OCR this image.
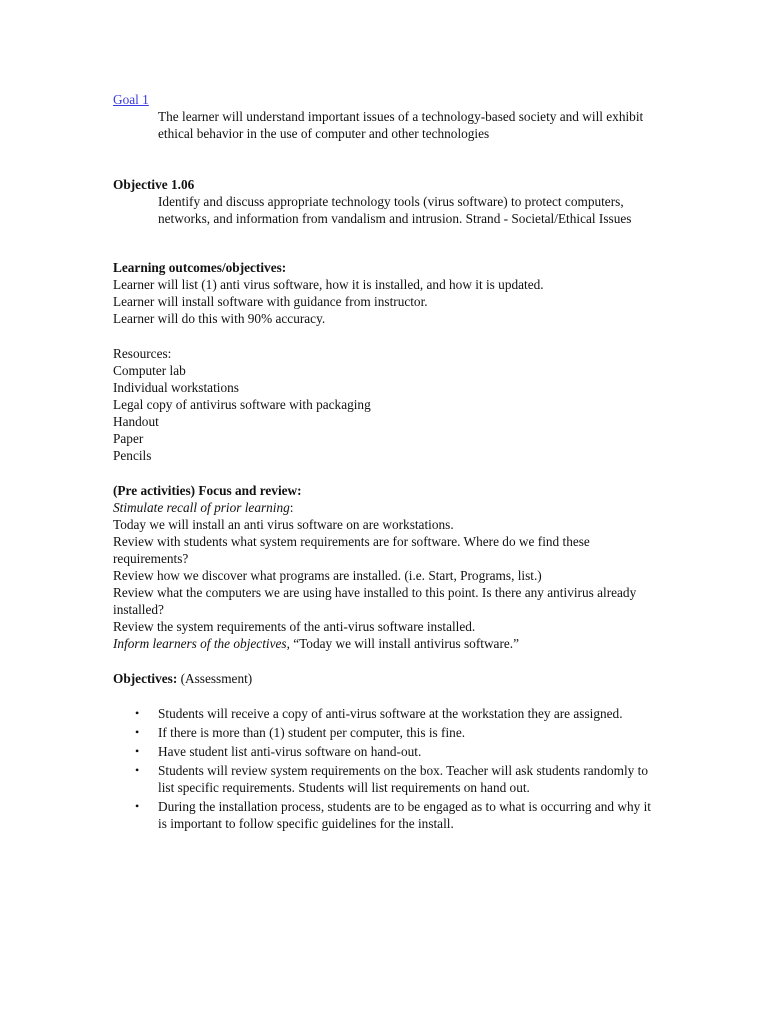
Goal 1

The learner will understand important issues of a technology-based society and will exhibit ethical behavior in the use of computer and other technologies

Objective 1.06

Identify and discuss appropriate technology tools (virus software) to protect computers, networks, and information from vandalism and intrusion. Strand - Societal/Ethical Issues

Learning outcomes/objectives:

Learner will list (1) anti virus software, how it is installed, and how it is updated.

Learner will install software with guidance from instructor.

Learner will do this with 90% accuracy.

Resources:

Computer lab

Individual workstations

Legal copy of antivirus software with packaging

Handout

Paper

Pencils

(Pre activities) Focus and review:

Stimulate recall of prior learning:

Today we will install an anti virus software on are workstations.

Review with students what system requirements are for software. Where do we find these requirements?

Review how we discover what programs are installed. (i.e. Start, Programs, list.)

Review what the computers we are using have installed to this point. Is there any antivirus already installed?

Review the system requirements of the anti-virus software installed.

Inform learners of the objectives, “Today we will install antivirus software.”

Objectives: (Assessment)

• Students will receive a copy of anti-virus software at the workstation they are assigned.
• If there is more than (1) student per computer, this is fine.
• Have student list anti-virus software on hand-out.
• Students will review system requirements on the box. Teacher will ask students randomly to list specific requirements. Students will list requirements on hand out.
• During the installation process, students are to be engaged as to what is occurring and why it is important to follow specific guidelines for the install.
